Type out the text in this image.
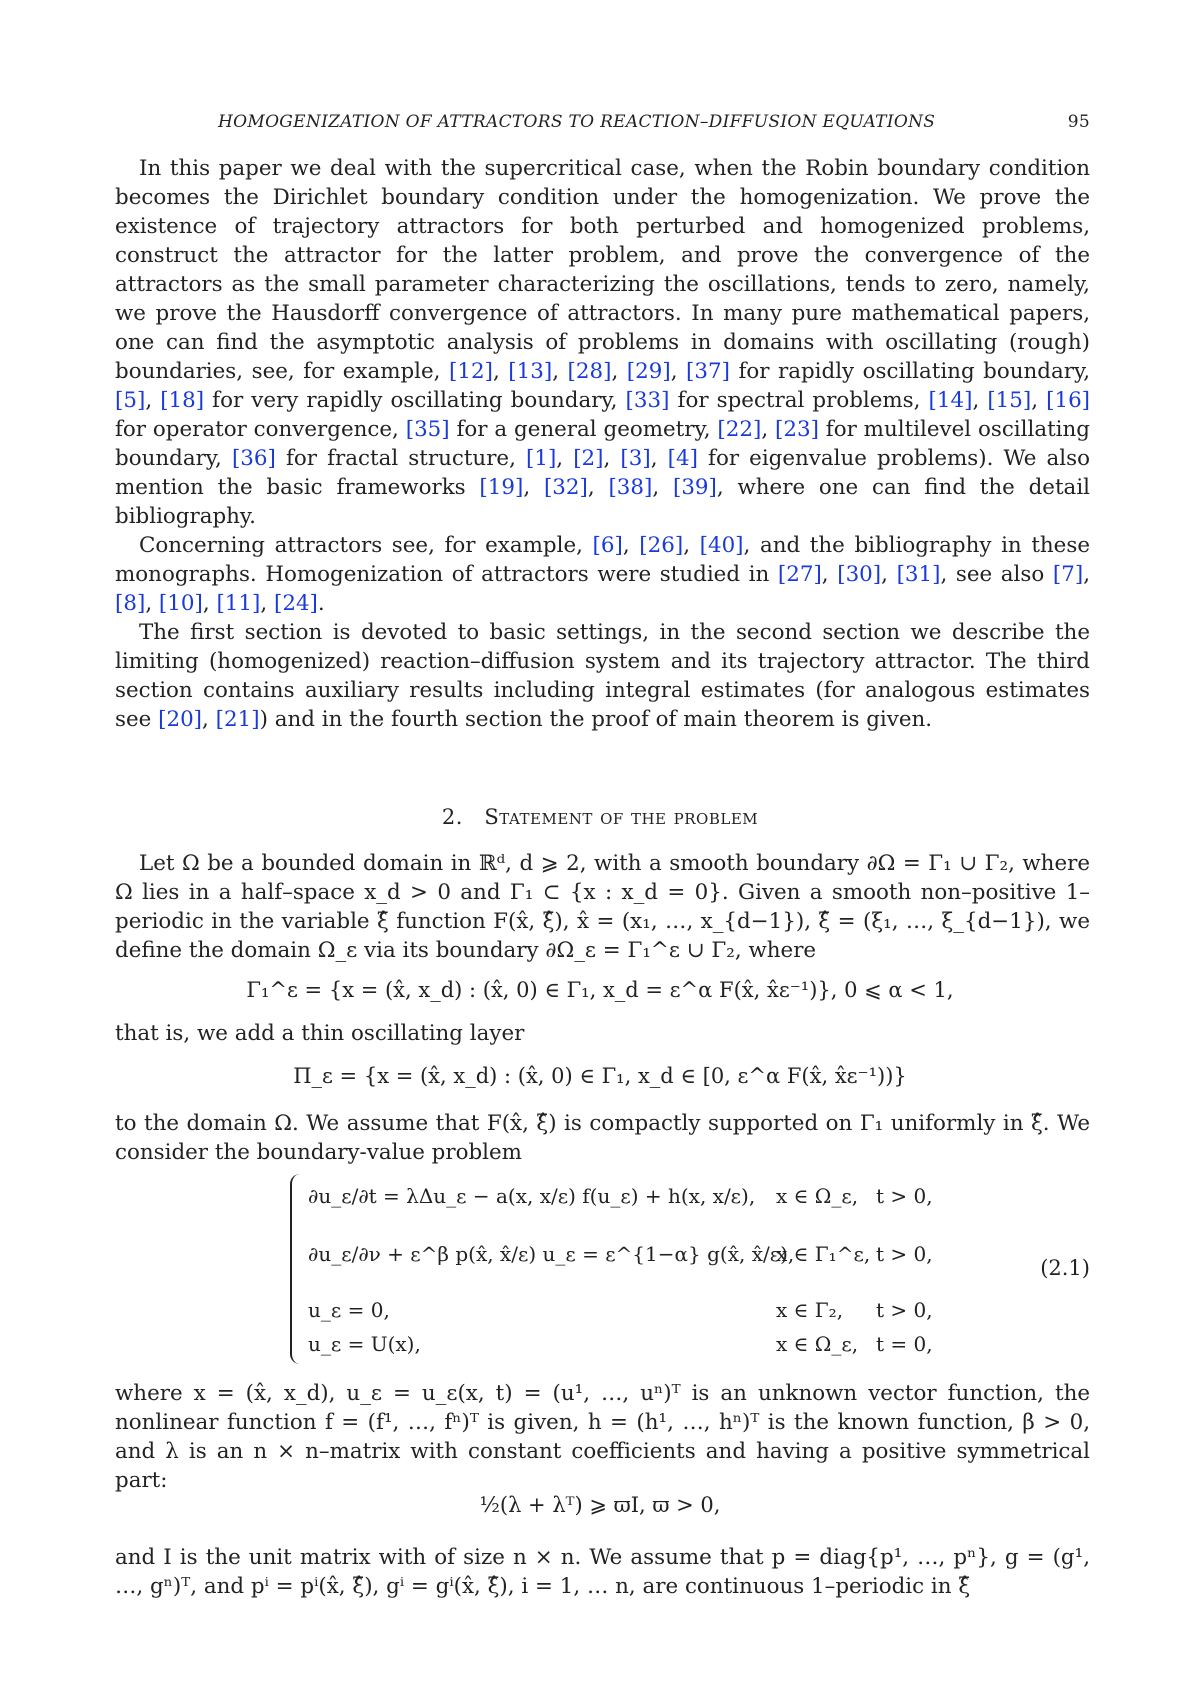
HOMOGENIZATION OF ATTRACTORS TO REACTION–DIFFUSION EQUATIONS	95

In this paper we deal with the supercritical case, when the Robin boundary condition becomes the Dirichlet boundary condition under the homogenization. We prove the existence of trajectory attractors for both perturbed and homogenized problems, construct the attractor for the latter problem, and prove the convergence of the attractors as the small parameter characterizing the oscillations, tends to zero, namely, we prove the Hausdorff convergence of attractors. In many pure mathematical papers, one can find the asymptotic analysis of problems in domains with oscillating (rough) boundaries, see, for example, [12], [13], [28], [29], [37] for rapidly oscillating boundary, [5], [18] for very rapidly oscillating boundary, [33] for spectral problems, [14], [15], [16] for operator convergence, [35] for a general geometry, [22], [23] for multilevel oscillating boundary, [36] for fractal structure, [1], [2], [3], [4] for eigenvalue problems). We also mention the basic frameworks [19], [32], [38], [39], where one can find the detail bibliography.

Concerning attractors see, for example, [6], [26], [40], and the bibliography in these monographs. Homogenization of attractors were studied in [27], [30], [31], see also [7], [8], [10], [11], [24].

The first section is devoted to basic settings, in the second section we describe the limiting (homogenized) reaction–diffusion system and its trajectory attractor. The third section contains auxiliary results including integral estimates (for analogous estimates see [20], [21]) and in the fourth section the proof of main theorem is given.

2. Statement of the problem

Let Ω be a bounded domain in ℝᵈ, d ⩾ 2, with a smooth boundary ∂Ω = Γ₁ ∪ Γ₂, where Ω lies in a half–space x_d > 0 and Γ₁ ⊂ {x : x_d = 0}. Given a smooth non–positive 1–periodic in the variable ξ̂ function F(x̂, ξ̂), x̂ = (x₁, …, x_{d−1}), ξ̂ = (ξ₁, …, ξ_{d−1}), we define the domain Ω_ε via its boundary ∂Ω_ε = Γ₁^ε ∪ Γ₂, where

Γ₁^ε = {x = (x̂, x_d) : (x̂, 0) ∈ Γ₁, x_d = ε^α F(x̂, x̂ε⁻¹)}, 0 ⩽ α < 1,

that is, we add a thin oscillating layer

Π_ε = {x = (x̂, x_d) : (x̂, 0) ∈ Γ₁, x_d ∈ [0, ε^α F(x̂, x̂ε⁻¹))}

to the domain Ω. We assume that F(x̂, ξ̂) is compactly supported on Γ₁ uniformly in ξ̂. We consider the boundary-value problem

∂u_ε/∂t = λΔu_ε − a(x, x/ε) f(u_ε) + h(x, x/ε), x ∈ Ω_ε, t > 0,
∂u_ε/∂ν + ε^β p(x̂, x̂/ε) u_ε = ε^{1−α} g(x̂, x̂/ε),
x ∈ Γ₁^ε, t > 0,
u_ε = 0,	x ∈ Γ₂, t > 0,
u_ε = U(x),	x ∈ Ω_ε, t = 0,
(2.1)

where x = (x̂, x_d), u_ε = u_ε(x, t) = (u¹, …, uⁿ)ᵀ is an unknown vector function, the nonlinear function f = (f¹, …, fⁿ)ᵀ is given, h = (h¹, …, hⁿ)ᵀ is the known function, β > 0, and λ is an n × n–matrix with constant coefficients and having a positive symmetrical part:

½(λ + λᵀ) ⩾ ϖI, ϖ > 0,

and I is the unit matrix with of size n × n. We assume that p = diag{p¹, …, pⁿ}, g = (g¹, …, gⁿ)ᵀ, and pⁱ = pⁱ(x̂, ξ̂), gⁱ = gⁱ(x̂, ξ̂), i = 1, … n, are continuous 1–periodic in ξ̂
